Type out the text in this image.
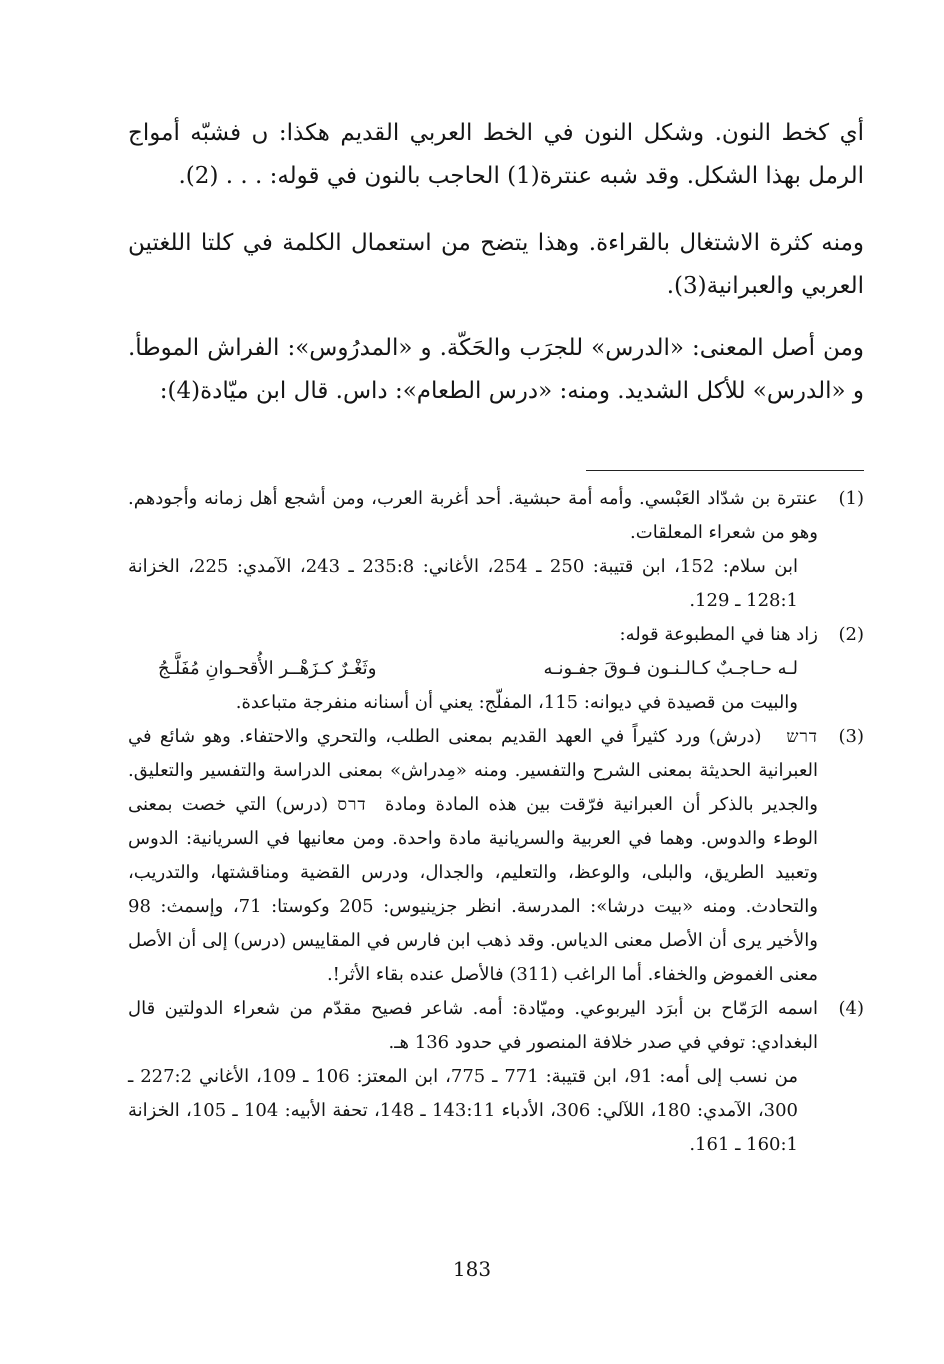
أي كخط النون. وشكل النون في الخط العربي القديم هكذا: ں فشبّه أمواج الرمل بهذا الشكل. وقد شبه عنترة(1) الحاجب بالنون في قوله: . . . (2).

ومنه كثرة الاشتغال بالقراءة. وهذا يتضح من استعمال الكلمة في كلتا اللغتين العربي والعبرانية(3).

ومن أصل المعنى: «الدرس» للجرَب والحَكّة. و «المدرُوس»: الفراش الموطأ. و «الدرس» للأكل الشديد. ومنه: «درس الطعام»: داس. قال ابن ميّادة(4):

(1)

عنترة بن شدّاد العَبْسي. وأمه أمة حبشية. أحد أغربة العرب، ومن أشجع أهل زمانه وأجودهم. وهو من شعراء المعلقات.

ابن سلام: 152، ابن قتيبة: 250 ـ 254، الأغاني: 235:8 ـ 243، الآمدي: 225، الخزانة 128:1 ـ 129.

(2)

زاد هنا في المطبوعة قوله:

لـه حـاجـبٌ كـالـنـون فـوقَ جفـونـه
وثَغْـرٌ كـزَهْــر الأُقحـوانِ مُفَلَّـجُ

والبيت من قصيدة في ديوانه: 115، المفلّج: يعني أن أسنانه منفرجة متباعدة.

(3)

דרש   (درش) ورد كثيراً في العهد القديم بمعنى الطلب، والتحري والاحتفاء. وهو شائع في العبرانية الحديثة بمعنى الشرح والتفسير. ومنه «مِدراش» بمعنى الدراسة والتفسير والتعليق. والجدير بالذكر أن العبرانية فرّقت بين هذه المادة ومادة  דרס (درس) التي خصت بمعنى الوطء والدوس. وهما في العربية والسريانية مادة واحدة. ومن معانيها في السريانية: الدوس وتعبيد الطريق، والبلى، والوعظ، والتعليم، والجدال، ودرس القضية ومناقشتها، والتدريب، والتحادث. ومنه «بيت درشا»: المدرسة. انظر جزينيوس: 205 وكوستا: 71، وإسمث: 98 والأخير يرى أن الأصل معنى الدياس. وقد ذهب ابن فارس في المقاييس (درس) إلى أن الأصل معنى الغموض والخفاء. أما الراغب (311) فالأصل عنده بقاء الأثر!.

(4)

اسمه الرَمّاح بن أبرَد اليربوعي. وميّادة: أمه. شاعر فصيح مقدّم من شعراء الدولتين قال البغدادي: توفي في صدر خلافة المنصور في حدود 136 هـ.

من نسب إلى أمه: 91، ابن قتيبة: 771 ـ 775، ابن المعتز: 106 ـ 109، الأغاني 227:2 ـ 300، الآمدي: 180، اللآلي: 306، الأدباء 143:11 ـ 148، تحفة الأبيه: 104 ـ 105، الخزانة 160:1 ـ 161.

183
